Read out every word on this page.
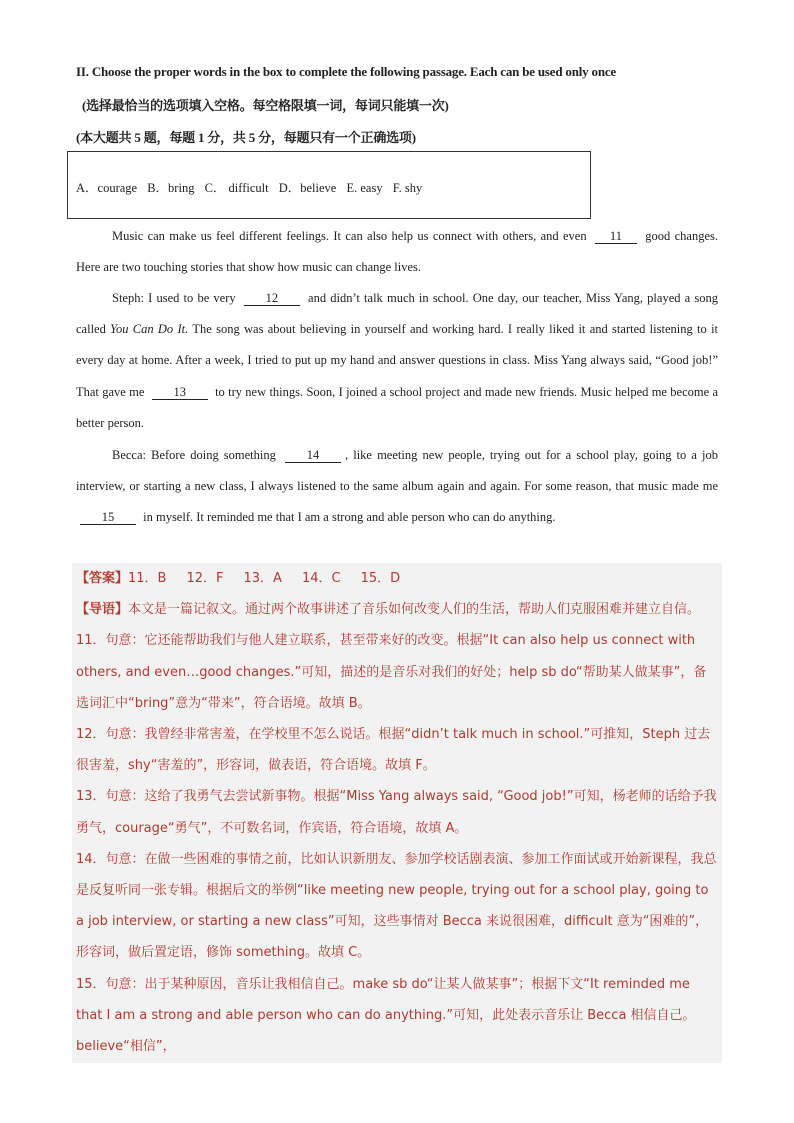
II. Choose the proper words in the box to complete the following passage. Each can be used only once
(选择最恰当的选项填入空格。每空格限填一词，每词只能填一次)
(本大题共 5 题，每题 1 分，共 5 分，每题只有一个正确选项)
A．courage B．bring C． difficult D．believe E. easy F. shy

Music can make us feel different feelings. It can also help us connect with others, and even 11 good changes. Here are two touching stories that show how music can change lives.

Steph: I used to be very 12 and didn’t talk much in school. One day, our teacher, Miss Yang, played a song called You Can Do It. The song was about believing in yourself and working hard. I really liked it and started listening to it every day at home. After a week, I tried to put up my hand and answer questions in class. Miss Yang always said, “Good job!” That gave me 13 to try new things. Soon, I joined a school project and made new friends. Music helped me become a better person.

Becca: Before doing something 14 , like meeting new people, trying out for a school play, going to a job interview, or starting a new class, I always listened to the same album again and again. For some reason, that music made me 15 in myself. It reminded me that I am a strong and able person who can do anything.

【答案】11．B 12．F 13．A 14．C 15．D

【导语】本文是一篇记叙文。通过两个故事讲述了音乐如何改变人们的生活，帮助人们克服困难并建立自信。

11．句意：它还能帮助我们与他人建立联系，甚至带来好的改变。根据“It can also help us connect with others, and even…good changes.”可知，描述的是音乐对我们的好处；help sb do“帮助某人做某事”，备选词汇中“bring”意为“带来”，符合语境。故填 B。

12．句意：我曾经非常害羞，在学校里不怎么说话。根据“didn’t talk much in school.”可推知，Steph 过去很害羞，shy“害羞的”，形容词，做表语，符合语境。故填 F。

13．句意：这给了我勇气去尝试新事物。根据“Miss Yang always said, “Good job!”可知，杨老师的话给予我勇气，courage“勇气”，不可数名词，作宾语，符合语境，故填 A。

14．句意：在做一些困难的事情之前，比如认识新朋友、参加学校话剧表演、参加工作面试或开始新课程，我总是反复听同一张专辑。根据后文的举例“like meeting new people, trying out for a school play, going to a job interview, or starting a new class”可知，这些事情对 Becca 来说很困难，difficult 意为“困难的”，形容词，做后置定语，修饰 something。故填 C。

15．句意：出于某种原因，音乐让我相信自己。make sb do“让某人做某事”；根据下文“It reminded me that I am a strong and able person who can do anything.”可知，此处表示音乐让 Becca 相信自己。believe“相信”，
